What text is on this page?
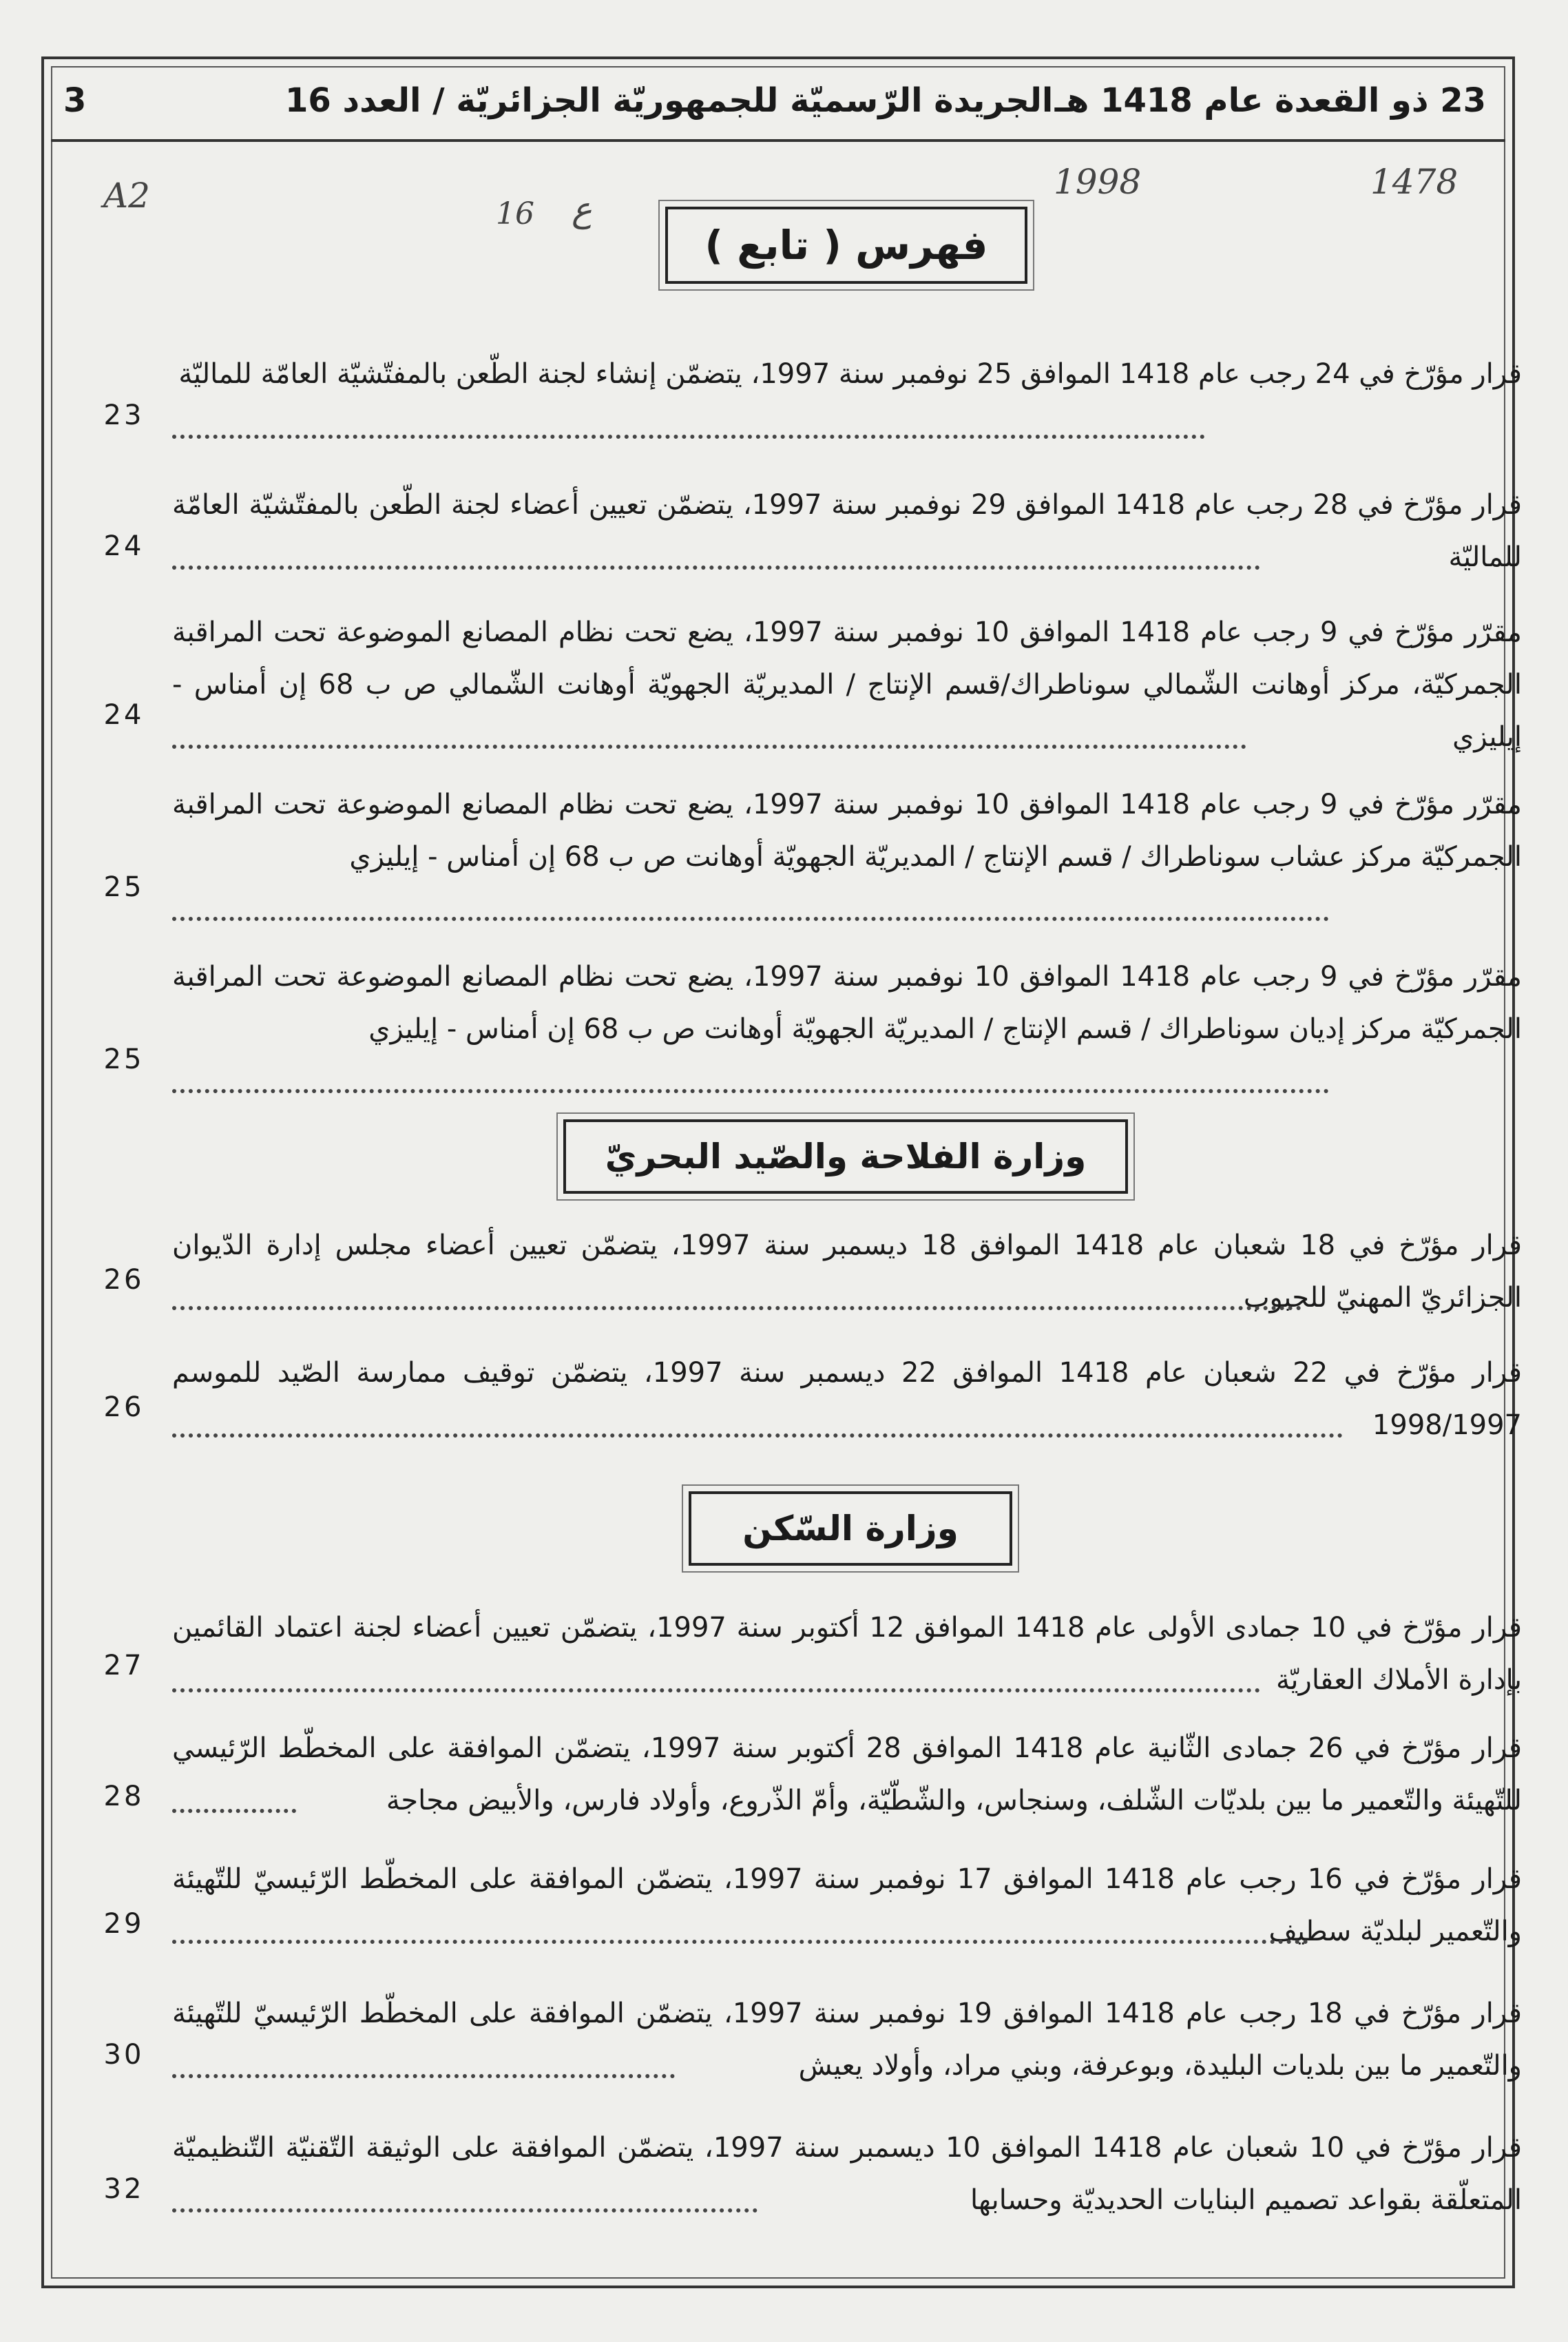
23 ذو القعدة عام 1418 هـ
الجريدة الرّسميّة للجمهوريّة الجزائريّة / العدد 16
3
A2	16 ع
1998	1478
فهرس ( تابع )
قرار مؤرّخ في 24 رجب عام 1418 الموافق 25 نوفمبر سنة 1997، يتضمّن إنشاء لجنة الطّعن بالمفتّشيّة العامّة للماليّة
23
قرار مؤرّخ في 28 رجب عام 1418 الموافق 29 نوفمبر سنة 1997، يتضمّن تعيين أعضاء لجنة الطّعن بالمفتّشيّة العامّة للماليّة
24
مقرّر مؤرّخ في 9 رجب عام 1418 الموافق 10 نوفمبر سنة 1997، يضع تحت نظام المصانع الموضوعة تحت المراقبة الجمركيّة، مركز أوهانت الشّمالي سوناطراك/قسم الإنتاج / المديريّة الجهويّة أوهانت الشّمالي ص ب 68 إن أمناس - إيليزي
24
مقرّر مؤرّخ في 9 رجب عام 1418 الموافق 10 نوفمبر سنة 1997، يضع تحت نظام المصانع الموضوعة تحت المراقبة الجمركيّة مركز عشاب سوناطراك / قسم الإنتاج / المديريّة الجهويّة أوهانت ص ب 68 إن أمناس - إيليزي
25
مقرّر مؤرّخ في 9 رجب عام 1418 الموافق 10 نوفمبر سنة 1997، يضع تحت نظام المصانع الموضوعة تحت المراقبة الجمركيّة مركز إديان سوناطراك / قسم الإنتاج / المديريّة الجهويّة أوهانت ص ب 68 إن أمناس - إيليزي
25
وزارة الفلاحة والصّيد البحريّ
قرار مؤرّخ في 18 شعبان عام 1418 الموافق 18 ديسمبر سنة 1997، يتضمّن تعيين أعضاء مجلس إدارة الدّيوان الجزائريّ المهنيّ للحبوب
26
قرار مؤرّخ في 22 شعبان عام 1418 الموافق 22 ديسمبر سنة 1997، يتضمّن توقيف ممارسة الصّيد للموسم 1998/1997
26
وزارة السّكن
قرار مؤرّخ في 10 جمادى الأولى عام 1418 الموافق 12 أكتوبر سنة 1997، يتضمّن تعيين أعضاء لجنة اعتماد القائمين بإدارة الأملاك العقاريّة
27
قرار مؤرّخ في 26 جمادى الثّانية عام 1418 الموافق 28 أكتوبر سنة 1997، يتضمّن الموافقة على المخطّط الرّئيسي للتّهيئة والتّعمير ما بين بلديّات الشّلف، وسنجاس، والشّطّيّة، وأمّ الذّروع، وأولاد فارس، والأبيض مجاجة
28
قرار مؤرّخ في 16 رجب عام 1418 الموافق 17 نوفمبر سنة 1997، يتضمّن الموافقة على المخطّط الرّئيسيّ للتّهيئة والتّعمير لبلديّة سطيف
29
قرار مؤرّخ في 18 رجب عام 1418 الموافق 19 نوفمبر سنة 1997، يتضمّن الموافقة على المخطّط الرّئيسيّ للتّهيئة والتّعمير ما بين بلديات البليدة، وبوعرفة، وبني مراد، وأولاد يعيش
30
قرار مؤرّخ في 10 شعبان عام 1418 الموافق 10 ديسمبر سنة 1997، يتضمّن الموافقة على الوثيقة التّقنيّة التّنظيميّة المتعلّقة بقواعد تصميم البنايات الحديديّة وحسابها
32
